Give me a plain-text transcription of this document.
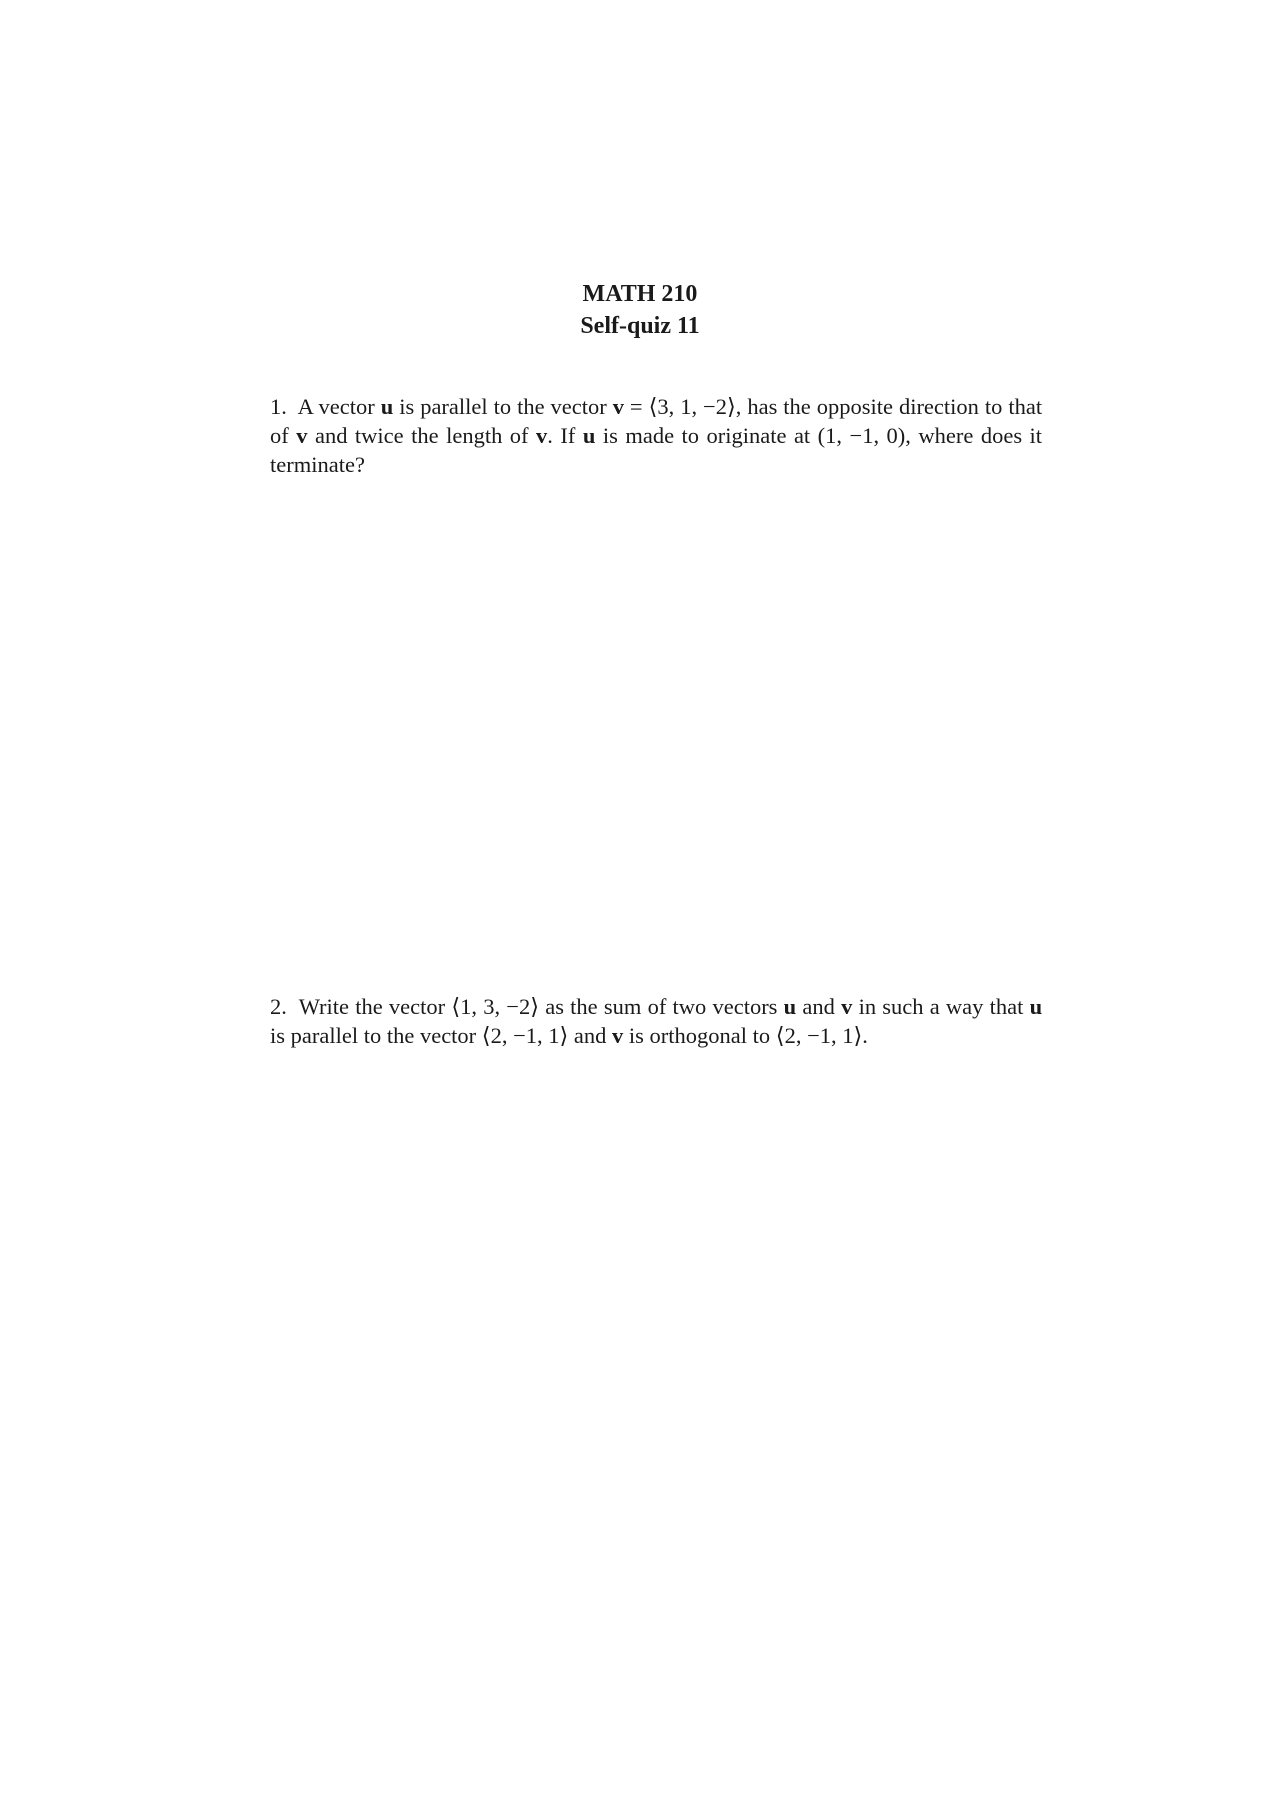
MATH 210
Self-quiz 11
1. A vector u is parallel to the vector v = ⟨3, 1, −2⟩, has the opposite direction to that of v and twice the length of v. If u is made to originate at (1, −1, 0), where does it terminate?
2. Write the vector ⟨1, 3, −2⟩ as the sum of two vectors u and v in such a way that u is parallel to the vector ⟨2, −1, 1⟩ and v is orthogonal to ⟨2, −1, 1⟩.
